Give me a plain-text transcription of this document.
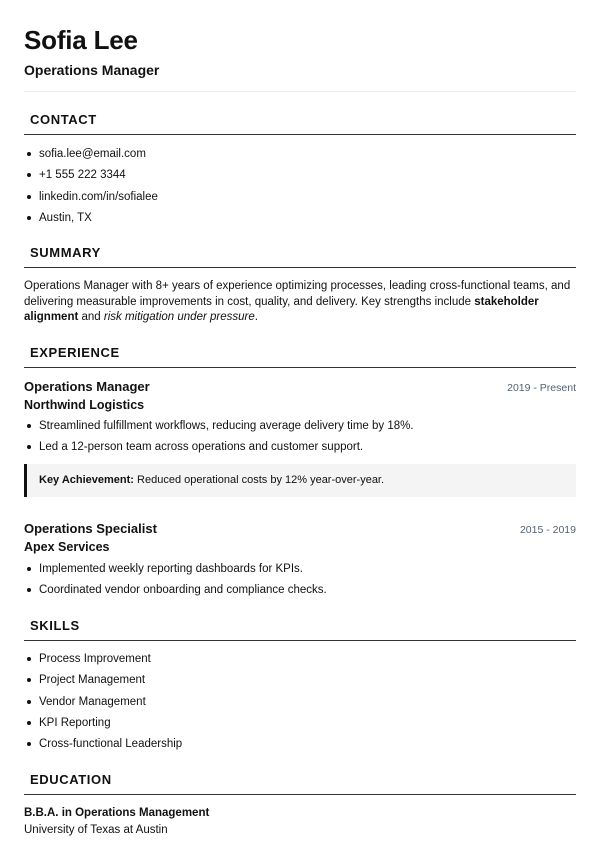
Sofia Lee
Operations Manager
CONTACT
sofia.lee@email.com
+1 555 222 3344
linkedin.com/in/sofialee
Austin, TX
SUMMARY

Operations Manager with 8+ years of experience optimizing processes, leading cross-functional teams, and delivering measurable improvements in cost, quality, and delivery. Key strengths include stakeholder alignment and risk mitigation under pressure.

EXPERIENCE
Operations Manager	2019 - Present

Northwind Logistics

Streamlined fulfillment workflows, reducing average delivery time by 18%.
Led a 12-person team across operations and customer support.

Key Achievement: Reduced operational costs by 12% year-over-year.

Operations Specialist	2015 - 2019

Apex Services

Implemented weekly reporting dashboards for KPIs.
Coordinated vendor onboarding and compliance checks.
SKILLS
Process Improvement
Project Management
Vendor Management
KPI Reporting
Cross-functional Leadership
EDUCATION

B.B.A. in Operations Management

University of Texas at Austin
